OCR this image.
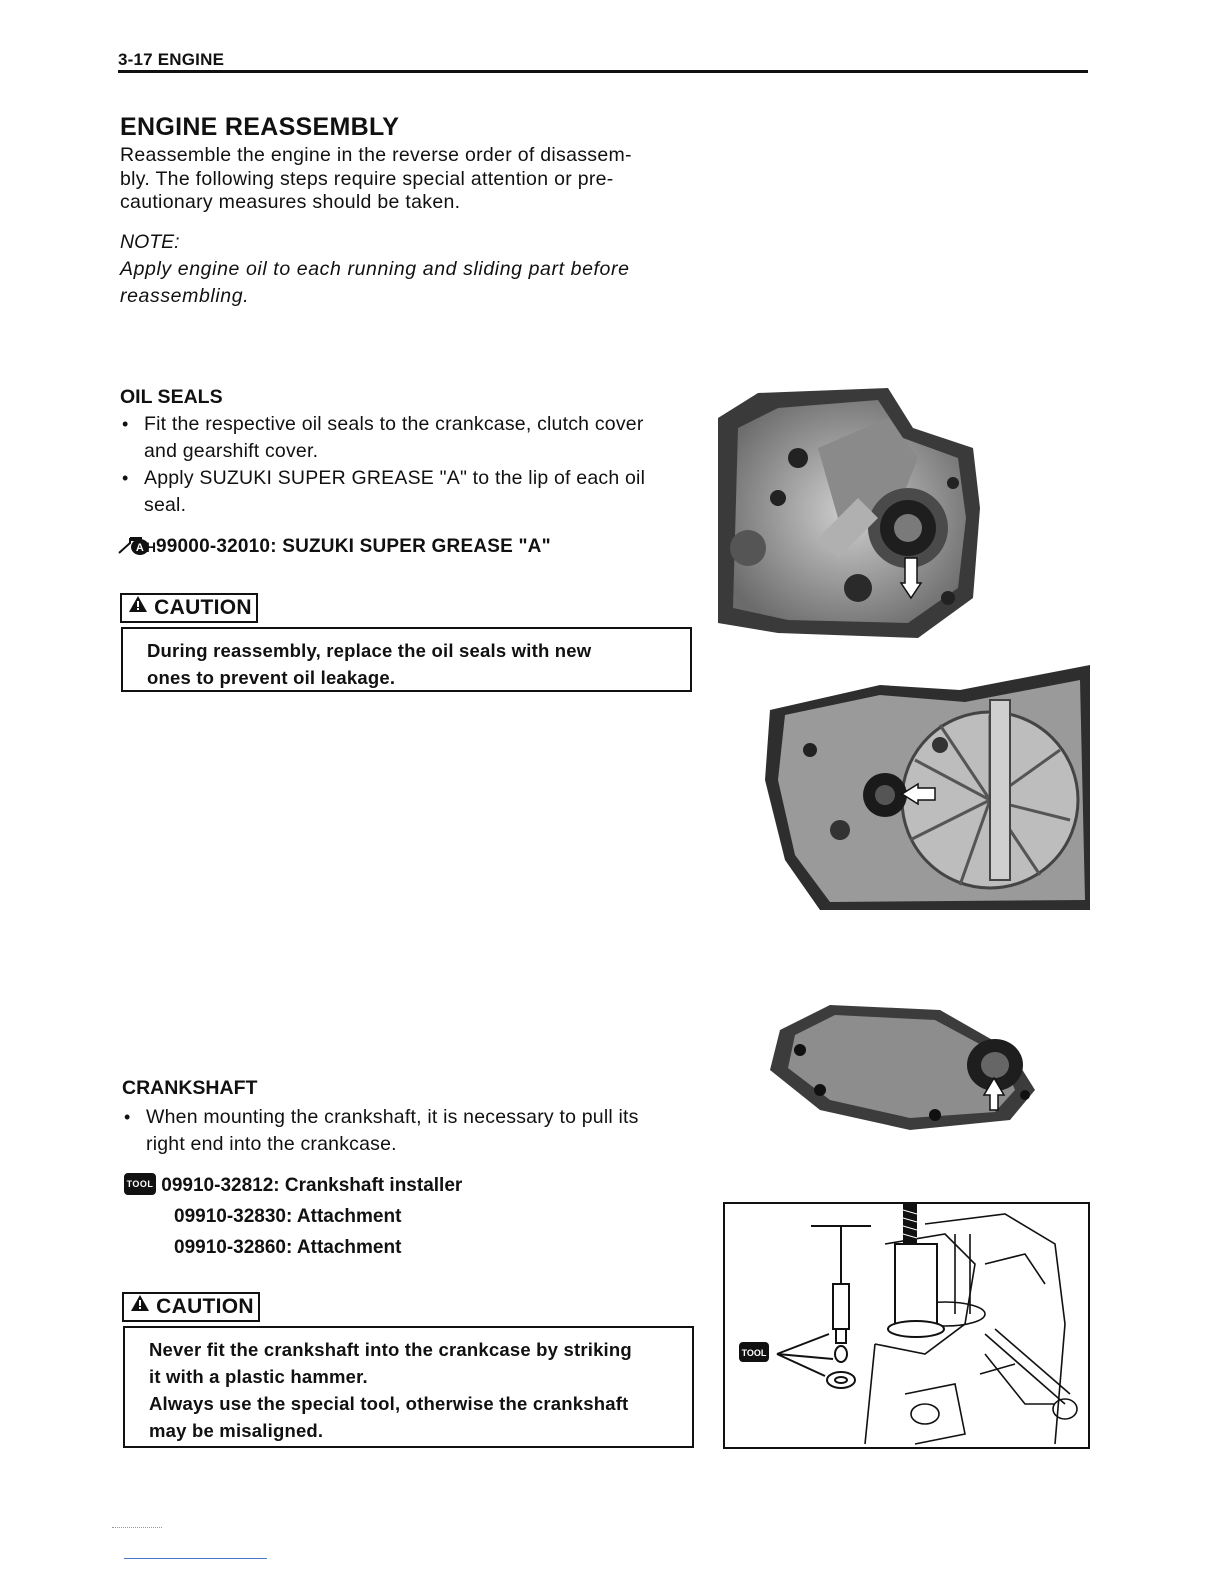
3-17 ENGINE
ENGINE REASSEMBLY
Reassemble the engine in the reverse order of disassem-
bly. The following steps require special attention or pre-
cautionary measures should be taken.
NOTE:
Apply engine oil to each running and sliding part before
reassembling.
OIL SEALS
• Fit the respective oil seals to the crankcase, clutch cover
and gearshift cover.
• Apply SUZUKI SUPER GREASE "A" to the lip of each oil
seal.
A H 99000-32010: SUZUKI SUPER GREASE "A"
CAUTION
During reassembly, replace the oil seals with new
ones to prevent oil leakage.
CRANKSHAFT
• When mounting the crankshaft, it is necessary to pull its
right end into the crankcase.
TOOL 09910-32812: Crankshaft installer
09910-32830: Attachment
09910-32860: Attachment
CAUTION
Never fit the crankshaft into the crankcase by striking
it with a plastic hammer.
Always use the special tool, otherwise the crankshaft
may be misaligned.
TOOL
